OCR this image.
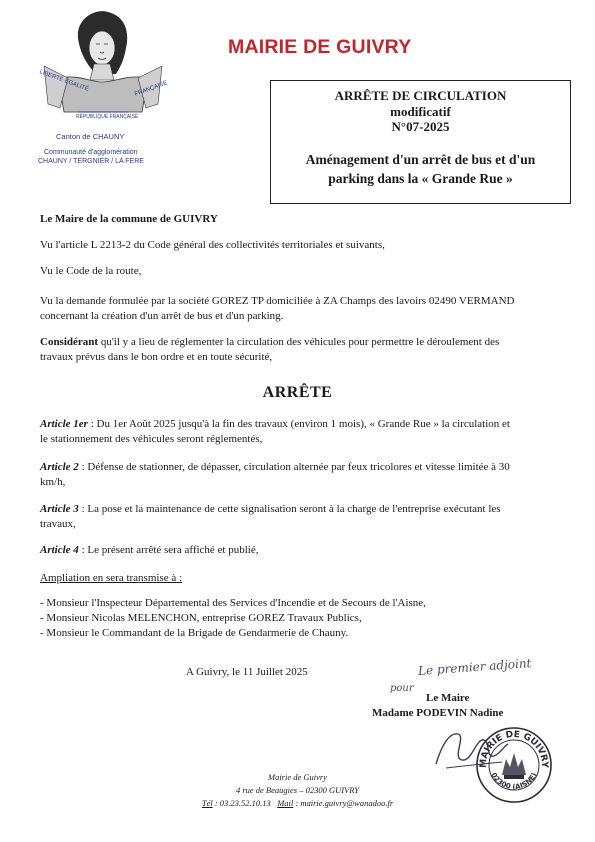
LIBERTÉ ÉGALITÉ	FRANÇAISE
RÉPUBLIQUE FRANÇAISE
Canton de CHAUNY
Communauté d'agglomération
CHAUNY / TERGNIER / LA FERE
MAIRIE DE GUIVRY
ARRÊTE DE CIRCULATION
modificatif
N°07-2025
Aménagement d'un arrêt de bus et d'un
parking dans la « Grande Rue »
Le Maire de la commune de GUIVRY
Vu l'article L 2213-2 du Code général des collectivités territoriales et suivants,
Vu le Code de la route,
Vu la demande formulée par la société GOREZ TP domiciliée à ZA Champs des lavoirs 02490 VERMAND
concernant la création d'un arrêt de bus et d'un parking.
Considérant qu'il y a lieu de réglementer la circulation des véhicules pour permettre le déroulement des
travaux prévus dans le bon ordre et en toute sécurité,
ARRÊTE
Article 1er : Du 1er Août 2025 jusqu'à la fin des travaux (environ 1 mois), « Grande Rue » la circulation et
le stationnement des véhicules seront réglementés,
Article 2 : Défense de stationner, de dépasser, circulation alternée par feux tricolores et vitesse limitée à 30
km/h,
Article 3 : La pose et la maintenance de cette signalisation seront à la charge de l'entreprise exécutant les
travaux,
Article 4 : Le présent arrêté sera affiché et publié,
Ampliation en sera transmise à :
- Monsieur l'Inspecteur Départemental des Services d'Incendie et de Secours de l'Aisne,
- Monsieur Nicolas MELENCHON, entreprise GOREZ Travaux Publics,
- Monsieur le Commandant de la Brigade de Gendarmerie de Chauny.
A Guivry, le 11 Juillet 2025	Le premier adjoint
pour
Le Maire
Madame PODEVIN Nadine
MAIRIE DE GUIVRY
02300 (AISNE)
Mairie de Guivry
4 rue de Beaugies – 02300 GUIVRY
Tél : 03.23.52.10.13 Mail : mairie.guivry@wanadoo.fr
